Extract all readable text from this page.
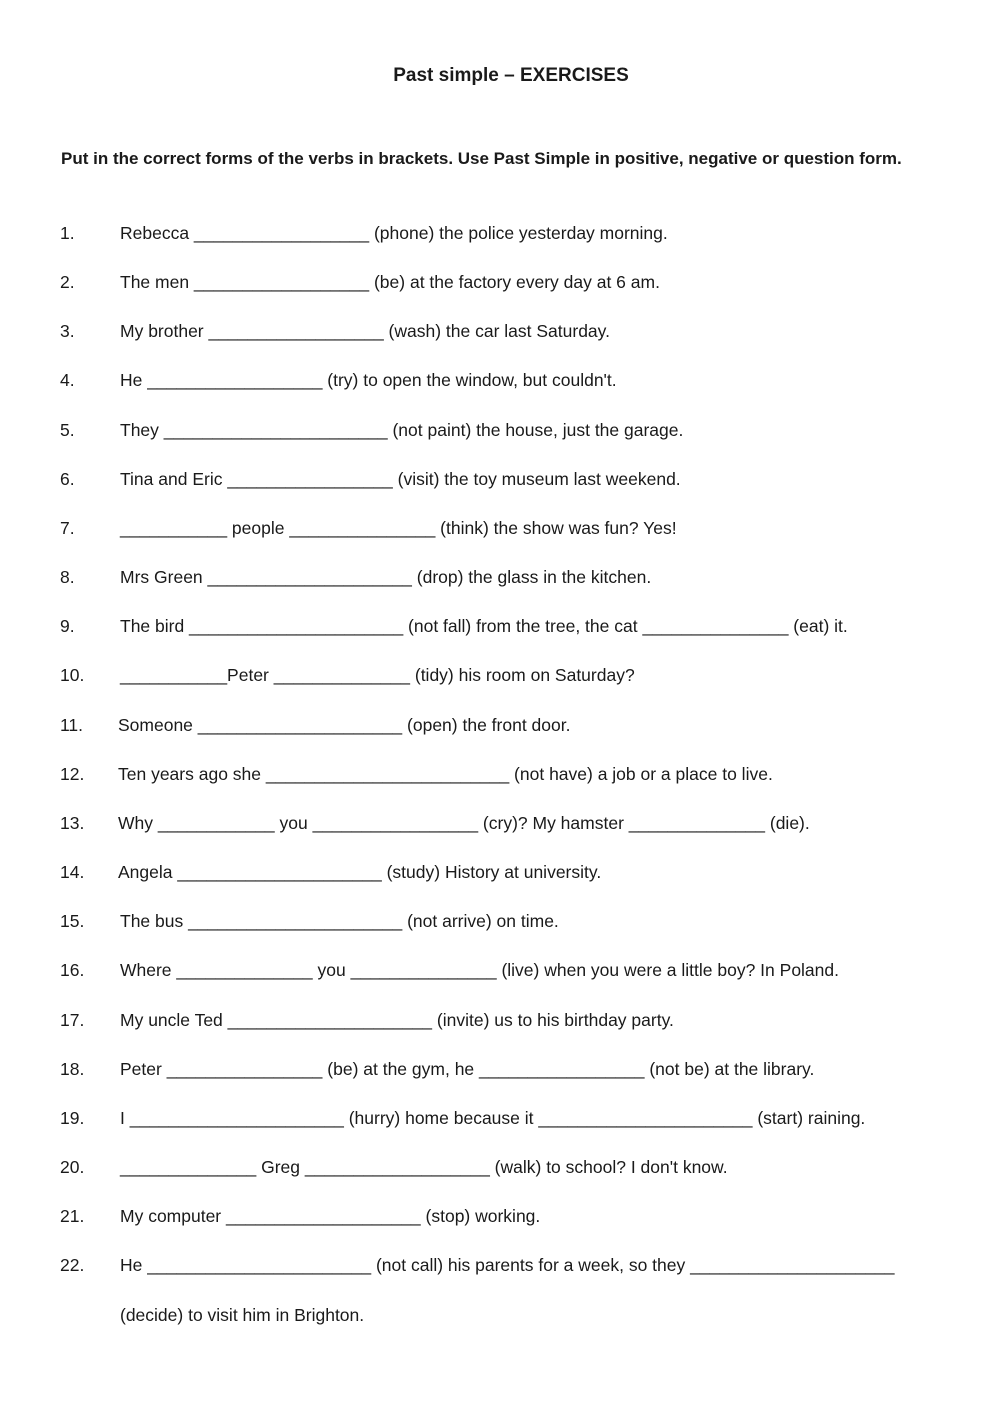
Past simple – EXERCISES
Put in the correct forms of the verbs in brackets. Use Past Simple in positive, negative or question form.
1.	Rebecca __________________ (phone) the police yesterday morning.
2.	The men __________________ (be) at the factory every day at 6 am.
3.	My brother __________________ (wash) the car last Saturday.
4.	He __________________ (try) to open the window, but couldn't.
5.	They _______________________ (not paint) the house, just the garage.
6.	Tina and Eric _________________ (visit) the toy museum last weekend.
7.	___________ people _______________ (think) the show was fun? Yes!
8.	Mrs Green _____________________ (drop) the glass in the kitchen.
9.	The bird ______________________ (not fall) from the tree, the cat _______________ (eat) it.
10. ___________Peter ______________ (tidy) his room on Saturday?
11. Someone _____________________ (open) the front door.
12. Ten years ago she _________________________ (not have) a job or a place to live.
13. Why ____________ you _________________ (cry)? My hamster ______________ (die).
14. Angela _____________________ (study) History at university.
15. The bus ______________________ (not arrive) on time.
16. Where ______________ you _______________ (live) when you were a little boy? In Poland.
17. My uncle Ted _____________________ (invite) us to his birthday party.
18. Peter ________________ (be) at the gym, he _________________ (not be) at the library.
19. I ______________________ (hurry) home because it ______________________ (start) raining.
20. ______________ Greg ___________________ (walk) to school? I don't know.
21. My computer ____________________ (stop) working.
22. He _______________________ (not call) his parents for a week, so they _____________________
(decide) to visit him in Brighton.
